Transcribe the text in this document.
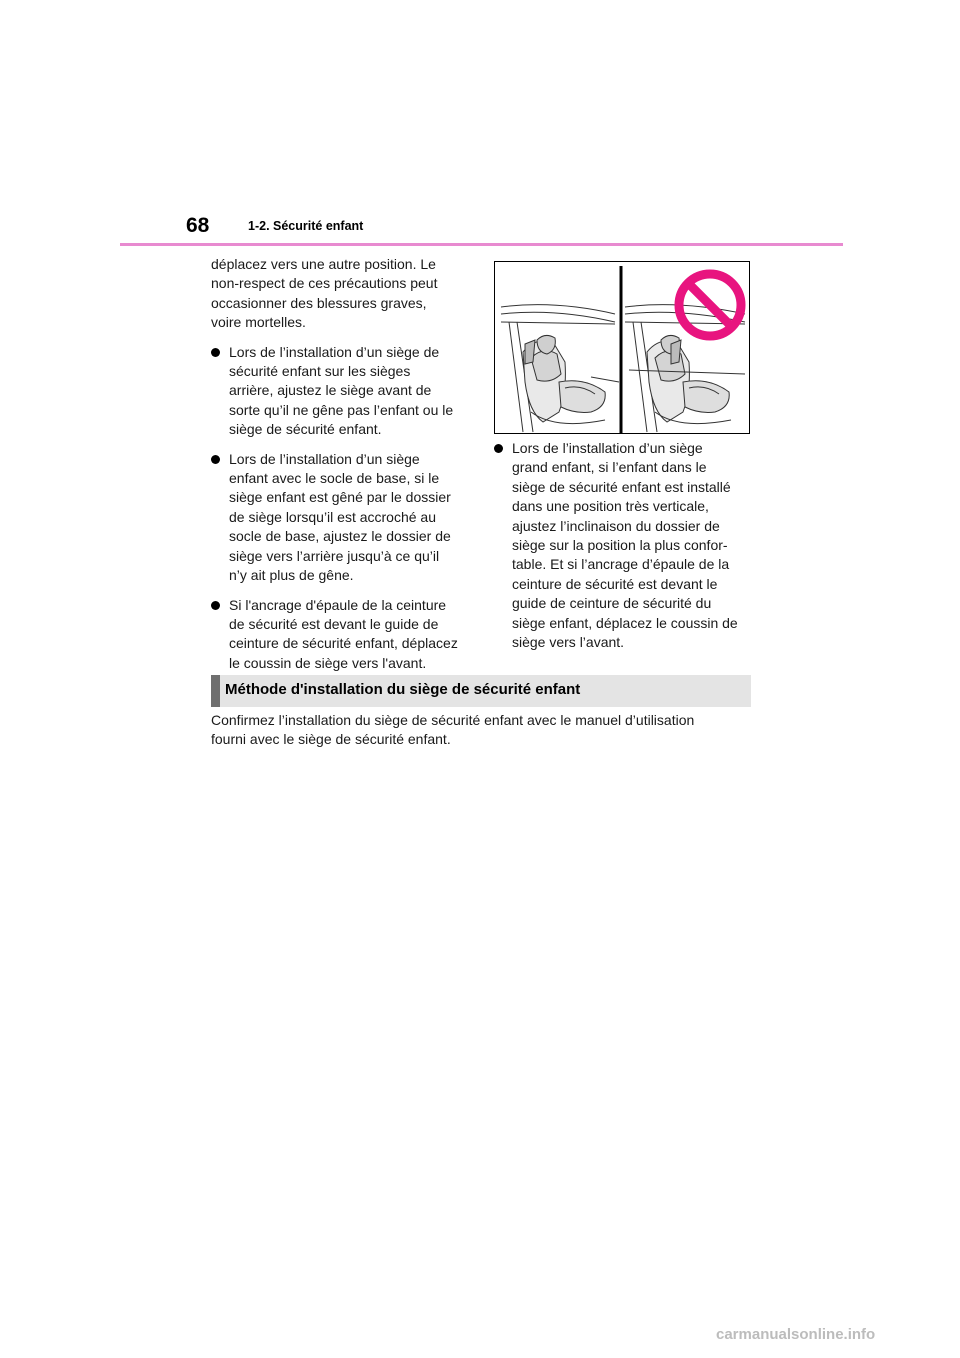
68	1-2. Sécurité enfant

déplacez vers une autre position. Le
non-respect de ces précautions peut
occasionner des blessures graves,
voire mortelles.

Lors de l’installation d’un siège de
sécurité enfant sur les sièges
arrière, ajustez le siège avant de
sorte qu’il ne gêne pas l’enfant ou le
siège de sécurité enfant.
Lors de l’installation d’un siège
enfant avec le socle de base, si le
siège enfant est gêné par le dossier
de siège lorsqu’il est accroché au
socle de base, ajustez le dossier de
siège vers l’arrière jusqu’à ce qu’il
n’y ait plus de gêne.
Si l'ancrage d'épaule de la ceinture
de sécurité est devant le guide de
ceinture de sécurité enfant, déplacez
le coussin de siège vers l'avant.
Lors de l’installation d’un siège
grand enfant, si l’enfant dans le
siège de sécurité enfant est installé
dans une position très verticale,
ajustez l’inclinaison du dossier de
siège sur la position la plus confor-
table. Et si l’ancrage d’épaule de la
ceinture de sécurité est devant le
guide de ceinture de sécurité du
siège enfant, déplacez le coussin de
siège vers l’avant.
Méthode d'installation du siège de sécurité enfant

Confirmez l’installation du siège de sécurité enfant avec le manuel d’utilisation
fourni avec le siège de sécurité enfant.

carmanualsonline.info
